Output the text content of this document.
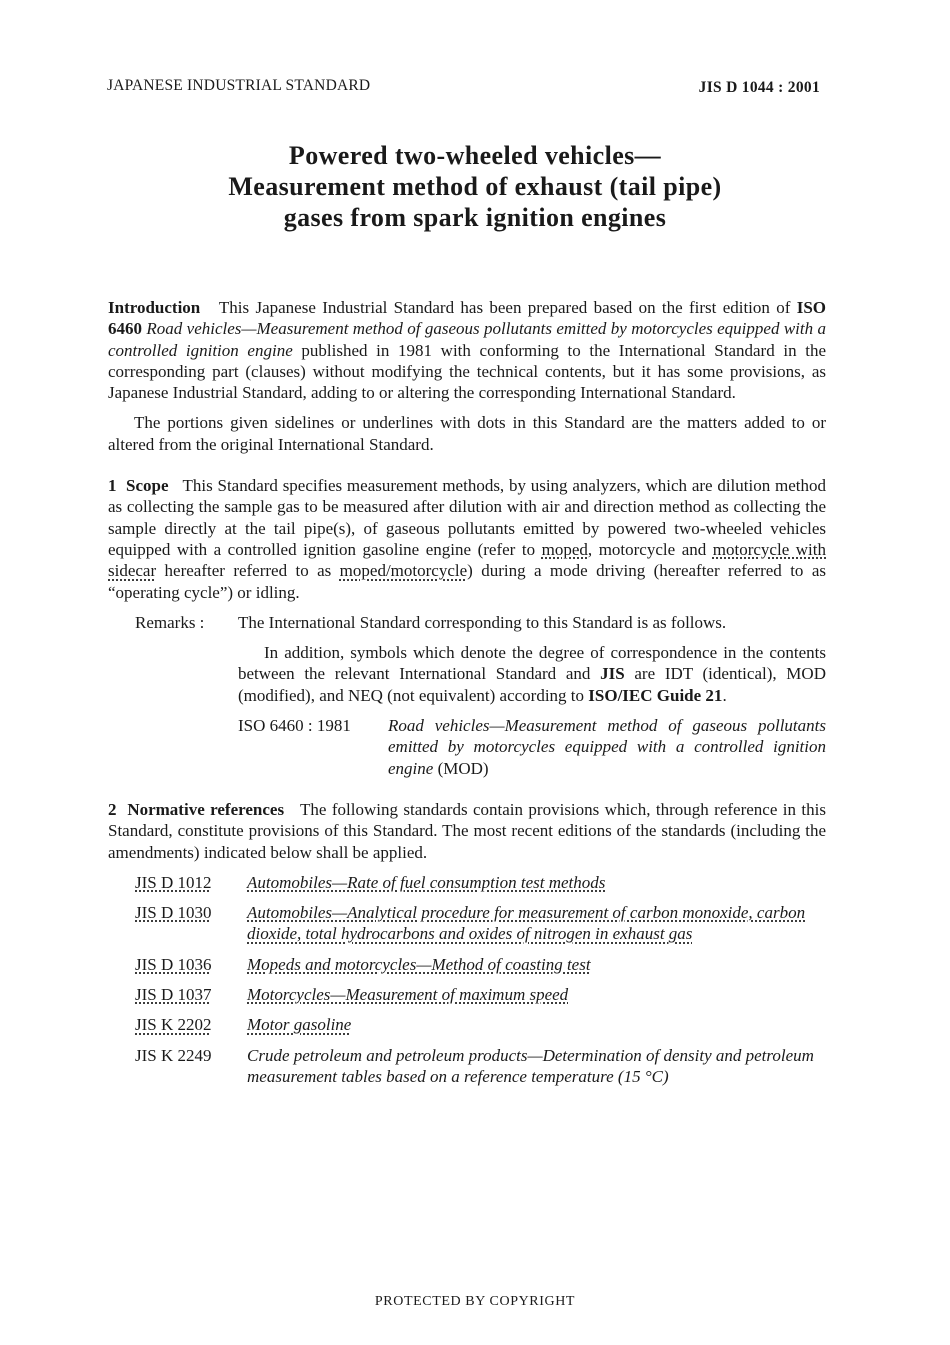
JAPANESE INDUSTRIAL STANDARD	JIS D 1044 : 2001
Powered two-wheeled vehicles—
Measurement method of exhaust (tail pipe)
gases from spark ignition engines

Introduction This Japanese Industrial Standard has been prepared based on the first edition of ISO 6460 Road vehicles—Measurement method of gaseous pollutants emitted by motorcycles equipped with a controlled ignition engine published in 1981 with conforming to the International Standard in the corresponding part (clauses) without modifying the technical contents, but it has some provisions, as Japanese Industrial Standard, adding to or altering the corresponding International Standard.

The portions given sidelines or underlines with dots in this Standard are the matters added to or altered from the original International Standard.

1 Scope This Standard specifies measurement methods, by using analyzers, which are dilution method as collecting the sample gas to be measured after dilution with air and direction method as collecting the sample directly at the tail pipe(s), of gaseous pollutants emitted by powered two-wheeled vehicles equipped with a controlled ignition gasoline engine (refer to moped, motorcycle and motorcycle with sidecar hereafter referred to as moped/motorcycle) during a mode driving (hereafter referred to as “operating cycle”) or idling.

Remarks : The International Standard corresponding to this Standard is as follows.

In addition, symbols which denote the degree of correspondence in the contents between the relevant International Standard and JIS are IDT (identical), MOD (modified), and NEQ (not equivalent) according to ISO/IEC Guide 21.

ISO 6460 : 1981	Road vehicles—Measurement method of gaseous pollutants emitted by motorcycles equipped with a controlled ignition engine (MOD)

2 Normative references The following standards contain provisions which, through reference in this Standard, constitute provisions of this Standard. The most recent editions of the standards (including the amendments) indicated below shall be applied.

JIS D 1012	Automobiles—Rate of fuel consumption test methods
JIS D 1030	Automobiles—Analytical procedure for measurement of carbon monoxide, carbon dioxide, total hydrocarbons and oxides of nitrogen in exhaust gas
JIS D 1036	Mopeds and motorcycles—Method of coasting test
JIS D 1037	Motorcycles—Measurement of maximum speed
JIS K 2202	Motor gasoline
JIS K 2249	Crude petroleum and petroleum products—Determination of density and petroleum measurement tables based on a reference temperature (15 °C)
PROTECTED BY COPYRIGHT
